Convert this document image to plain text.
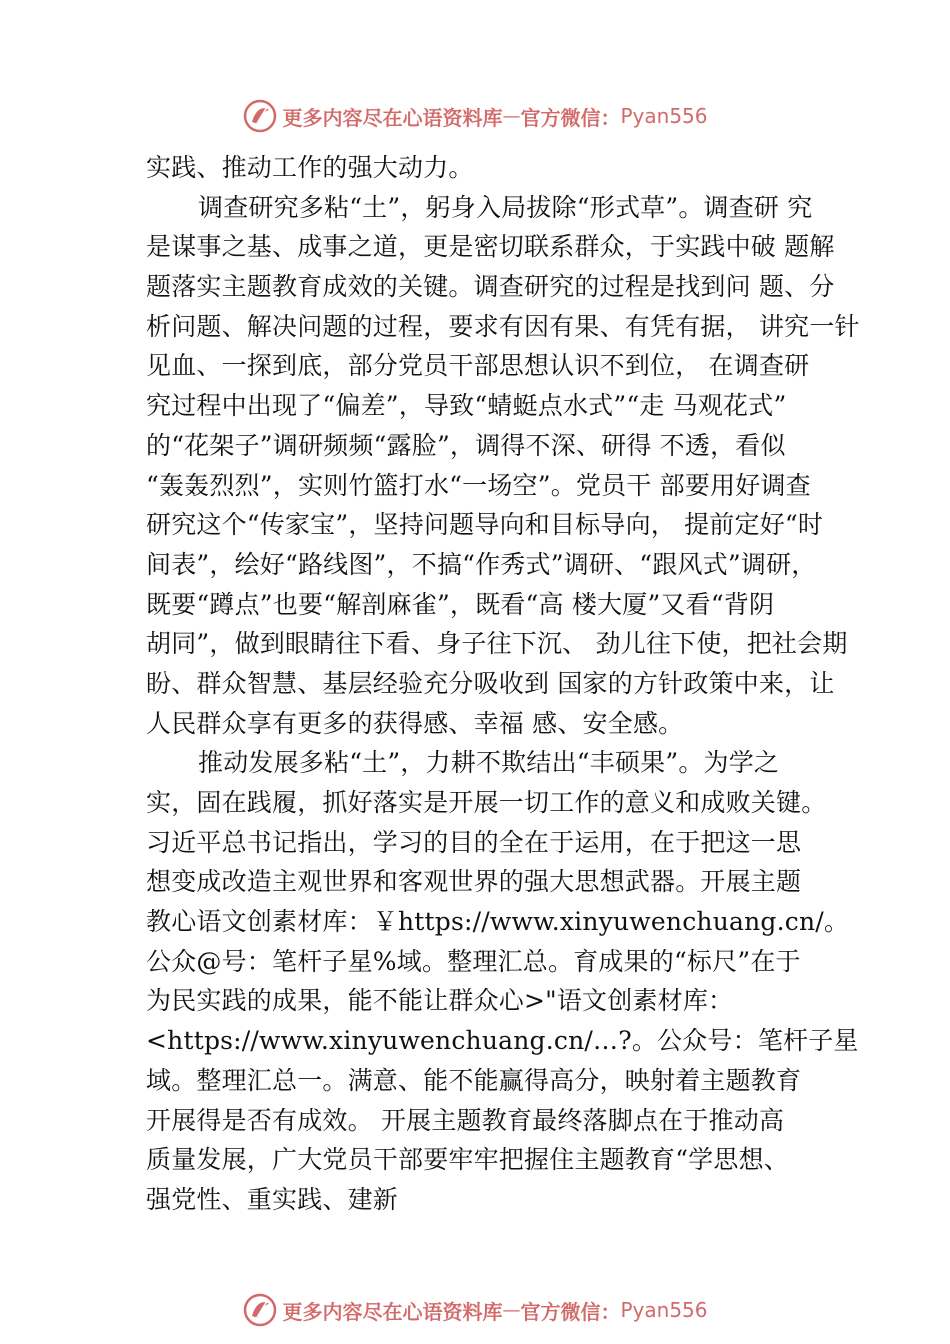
更多内容尽在心语资料库 — 官方微信： Pyan556
实践、推动工作的强大动力。
调查研究多粘“土”，躬身入局拔除“形式草”。调查研 究
是谋事之基、成事之道，更是密切联系群众，于实践中破 题解
题落实主题教育成效的关键。调查研究的过程是找到问 题、分
析问题、解决问题的过程，要求有因有果、有凭有据， 讲究一针
见血、一探到底，部分党员干部思想认识不到位， 在调查研
究过程中出现了“偏差”，导致“蜻蜓点水式”“走 马观花式”
的“花架子”调研频频“露脸”，调得不深、研得 不透，看似
“轰轰烈烈”，实则竹篮打水“一场空”。党员干 部要用好调查
研究这个“传家宝”，坚持问题导向和目标导向， 提前定好“时
间表”，绘好“路线图”，不搞“作秀式”调研、“跟风式”调研，
既要“蹲点”也要“解剖麻雀”，既看“高 楼大厦”又看“背阴
胡同”，做到眼睛往下看、身子往下沉、 劲儿往下使，把社会期
盼、群众智慧、基层经验充分吸收到 国家的方针政策中来，让
人民群众享有更多的获得感、幸福 感、安全感。
推动发展多粘“土”，力耕不欺结出“丰硕果”。为学之
实，固在践履，抓好落实是开展一切工作的意义和成败关键。
习近平总书记指出，学习的目的全在于运用，在于把这一思
想变成改造主观世界和客观世界的强大思想武器。开展主题
教心语文创素材库：￥https://www.xinyuwenchuang.cn/。
公众@号：笔杆子星%域。整理汇总。育成果的“标尺”在于
为民实践的成果，能不能让群众心>"语文创素材库：
<https://www.xinyuwenchuang.cn/…?。公众号：笔杆子星
域。整理汇总一。满意、能不能赢得高分，映射着主题教育
开展得是否有成效。 开展主题教育最终落脚点在于推动高
质量发展，广大党员干部要牢牢把握住主题教育“学思想、
强党性、重实践、建新
更多内容尽在心语资料库 — 官方微信： Pyan556
